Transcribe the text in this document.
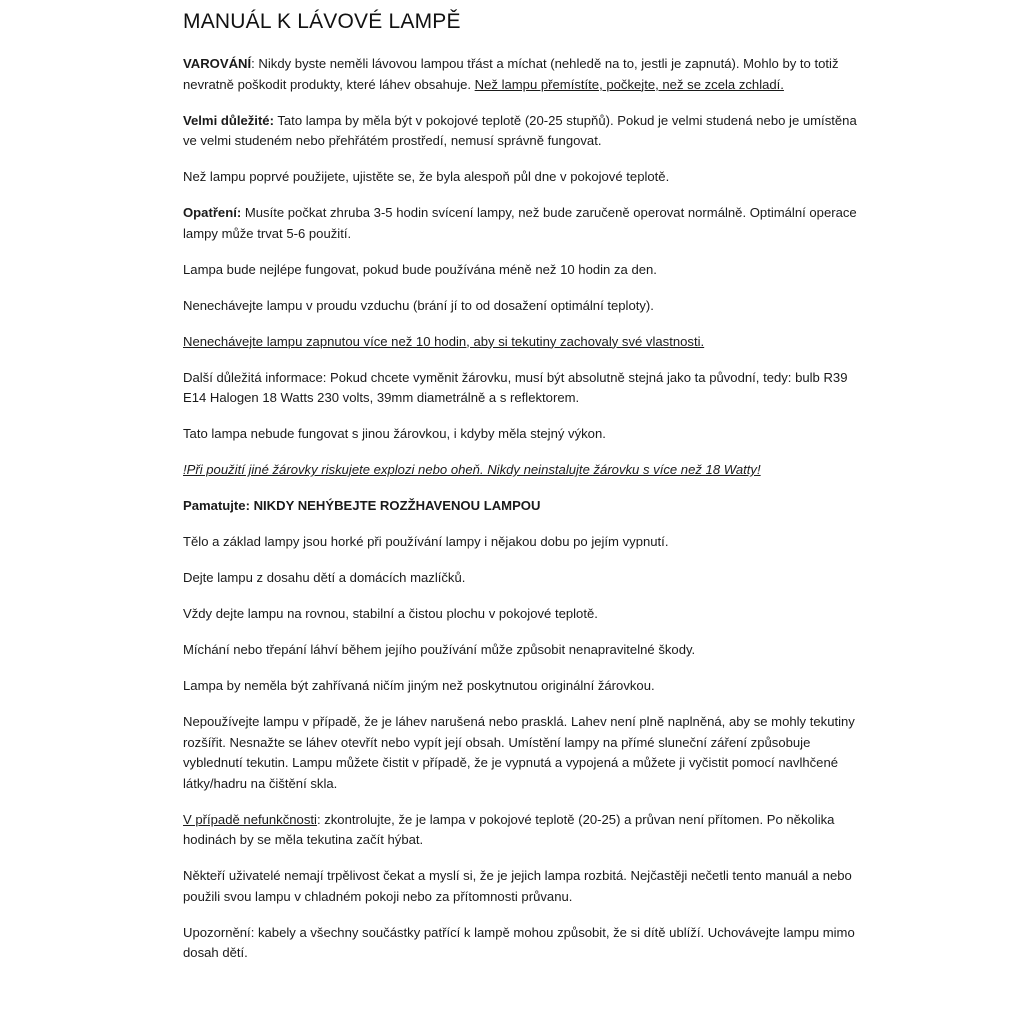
MANUÁL K LÁVOVÉ LAMPĚ

VAROVÁNÍ: Nikdy byste neměli lávovou lampou třást a míchat (nehledě na to, jestli je zapnutá). Mohlo by to totiž nevratně poškodit produkty, které láhev obsahuje. Než lampu přemístíte, počkejte, než se zcela zchladí.

Velmi důležité: Tato lampa by měla být v pokojové teplotě (20-25 stupňů). Pokud je velmi studená nebo je umístěna ve velmi studeném nebo přehřátém prostředí, nemusí správně fungovat.

Než lampu poprvé použijete, ujistěte se, že byla alespoň půl dne v pokojové teplotě.

Opatření: Musíte počkat zhruba 3-5 hodin svícení lampy, než bude zaručeně operovat normálně. Optimální operace lampy může trvat 5-6 použití.

Lampa bude nejlépe fungovat, pokud bude používána méně než 10 hodin za den.

Nenechávejte lampu v proudu vzduchu (brání jí to od dosažení optimální teploty).

Nenechávejte lampu zapnutou více než 10 hodin, aby si tekutiny zachovaly své vlastnosti.

Další důležitá informace: Pokud chcete vyměnit žárovku, musí být absolutně stejná jako ta původní, tedy: bulb R39 E14 Halogen 18 Watts 230 volts, 39mm diametrálně a s reflektorem.

Tato lampa nebude fungovat s jinou žárovkou, i kdyby měla stejný výkon.

!Při použití jiné žárovky riskujete explozi nebo oheň. Nikdy neinstalujte žárovku s více než 18 Watty!

Pamatujte: NIKDY NEHÝBEJTE ROZŽHAVENOU LAMPOU

Tělo a základ lampy jsou horké při používání lampy i nějakou dobu po jejím vypnutí.

Dejte lampu z dosahu dětí a domácích mazlíčků.

Vždy dejte lampu na rovnou, stabilní a čistou plochu v pokojové teplotě.

Míchání nebo třepání láhví během jejího používání může způsobit nenapravitelné škody.

Lampa by neměla být zahřívaná ničím jiným než poskytnutou originální žárovkou.

Nepoužívejte lampu v případě, že je láhev narušená nebo prasklá. Lahev není plně naplněná, aby se mohly tekutiny rozšířit. Nesnažte se láhev otevřít nebo vypít její obsah. Umístění lampy na přímé sluneční záření způsobuje vyblednutí tekutin. Lampu můžete čistit v případě, že je vypnutá a vypojená a můžete ji vyčistit pomocí navlhčené látky/hadru na čištění skla.

V případě nefunkčnosti: zkontrolujte, že je lampa v pokojové teplotě (20-25) a průvan není přítomen. Po několika hodinách by se měla tekutina začít hýbat.

Někteří uživatelé nemají trpělivost čekat a myslí si, že je jejich lampa rozbitá. Nejčastěji nečetli tento manuál a nebo použili svou lampu v chladném pokoji nebo za přítomnosti průvanu.

Upozornění: kabely a všechny součástky patřící k lampě mohou způsobit, že si dítě ublíží. Uchovávejte lampu mimo dosah dětí.
